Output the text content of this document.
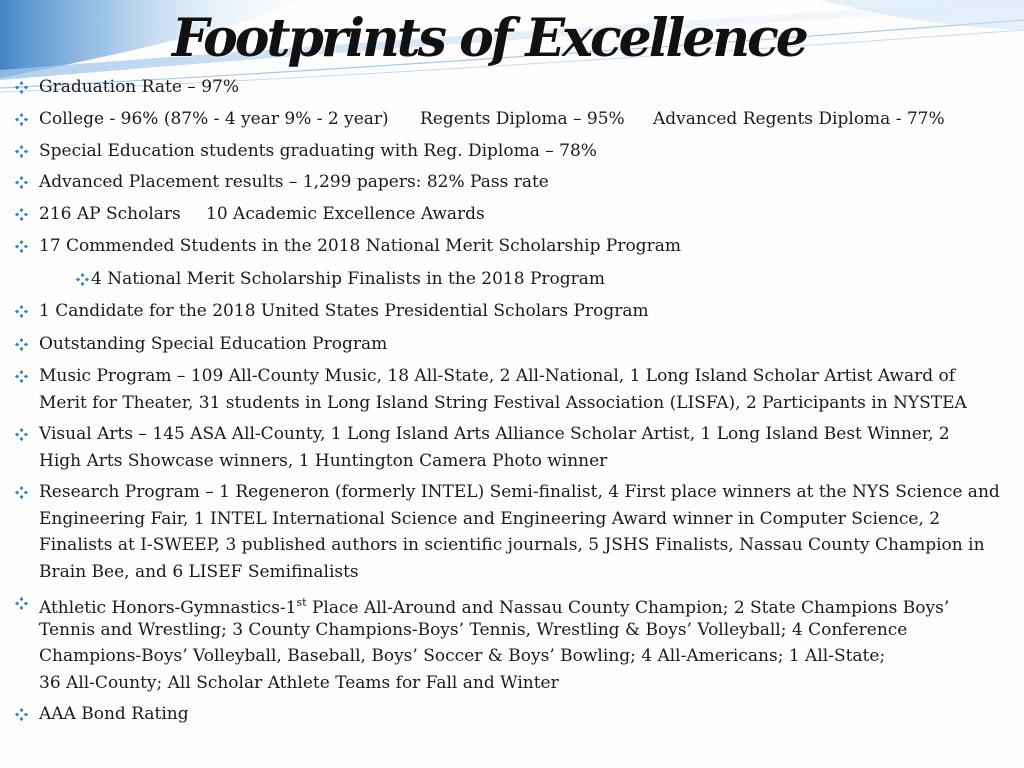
Footprints of Excellence
Graduation Rate – 97%
College - 96% (87% - 4 year 9% - 2 year) Regents Diploma – 95% Advanced Regents Diploma - 77%
Special Education students graduating with Reg. Diploma – 78%
Advanced Placement results – 1,299 papers: 82% Pass rate
216 AP Scholars 10 Academic Excellence Awards
17 Commended Students in the 2018 National Merit Scholarship Program
4 National Merit Scholarship Finalists in the 2018 Program
1 Candidate for the 2018 United States Presidential Scholars Program
Outstanding Special Education Program
Music Program – 109 All-County Music, 18 All-State, 2 All-National, 1 Long Island Scholar Artist Award of
Merit for Theater, 31 students in Long Island String Festival Association (LISFA), 2 Participants in NYSTEA
Visual Arts – 145 ASA All-County, 1 Long Island Arts Alliance Scholar Artist, 1 Long Island Best Winner, 2
High Arts Showcase winners, 1 Huntington Camera Photo winner
Research Program – 1 Regeneron (formerly INTEL) Semi-finalist, 4 First place winners at the NYS Science and
Engineering Fair, 1 INTEL International Science and Engineering Award winner in Computer Science, 2
Finalists at I-SWEEP, 3 published authors in scientific journals, 5 JSHS Finalists, Nassau County Champion in
Brain Bee, and 6 LISEF Semifinalists
Athletic Honors-Gymnastics-1st Place All-Around and Nassau County Champion; 2 State Champions Boys’
Tennis and Wrestling; 3 County Champions-Boys’ Tennis, Wrestling & Boys’ Volleyball; 4 Conference
Champions-Boys’ Volleyball, Baseball, Boys’ Soccer & Boys’ Bowling; 4 All-Americans; 1 All-State;
36 All-County; All Scholar Athlete Teams for Fall and Winter
AAA Bond Rating
